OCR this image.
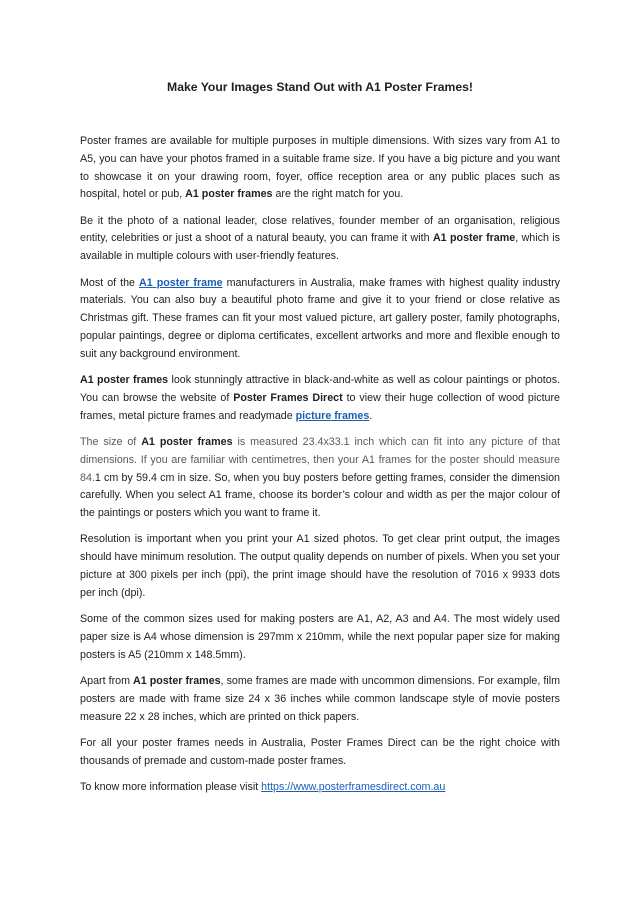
Make Your Images Stand Out with A1 Poster Frames!

Poster frames are available for multiple purposes in multiple dimensions. With sizes vary from A1 to A5, you can have your photos framed in a suitable frame size. If you have a big picture and you want to showcase it on your drawing room, foyer, office reception area or any public places such as hospital, hotel or pub, A1 poster frames are the right match for you.

Be it the photo of a national leader, close relatives, founder member of an organisation, religious entity, celebrities or just a shoot of a natural beauty, you can frame it with A1 poster frame, which is available in multiple colours with user-friendly features.

Most of the A1 poster frame manufacturers in Australia, make frames with highest quality industry materials. You can also buy a beautiful photo frame and give it to your friend or close relative as Christmas gift. These frames can fit your most valued picture, art gallery poster, family photographs, popular paintings, degree or diploma certificates, excellent artworks and more and flexible enough to suit any background environment.

A1 poster frames look stunningly attractive in black-and-white as well as colour paintings or photos. You can browse the website of Poster Frames Direct to view their huge collection of wood picture frames, metal picture frames and readymade picture frames.

The size of A1 poster frames is measured 23.4x33.1 inch which can fit into any picture of that dimensions. If you are familiar with centimetres, then your A1 frames for the poster should measure 84.1 cm by 59.4 cm in size. So, when you buy posters before getting frames, consider the dimension carefully. When you select A1 frame, choose its border’s colour and width as per the major colour of the paintings or posters which you want to frame it.

Resolution is important when you print your A1 sized photos. To get clear print output, the images should have minimum resolution. The output quality depends on number of pixels. When you set your picture at 300 pixels per inch (ppi), the print image should have the resolution of 7016 x 9933 dots per inch (dpi).

Some of the common sizes used for making posters are A1, A2, A3 and A4. The most widely used paper size is A4 whose dimension is 297mm x 210mm, while the next popular paper size for making posters is A5 (210mm x 148.5mm).

Apart from A1 poster frames, some frames are made with uncommon dimensions. For example, film posters are made with frame size 24 x 36 inches while common landscape style of movie posters measure 22 x 28 inches, which are printed on thick papers.

For all your poster frames needs in Australia, Poster Frames Direct can be the right choice with thousands of premade and custom-made poster frames.

To know more information please visit https://www.posterframesdirect.com.au
